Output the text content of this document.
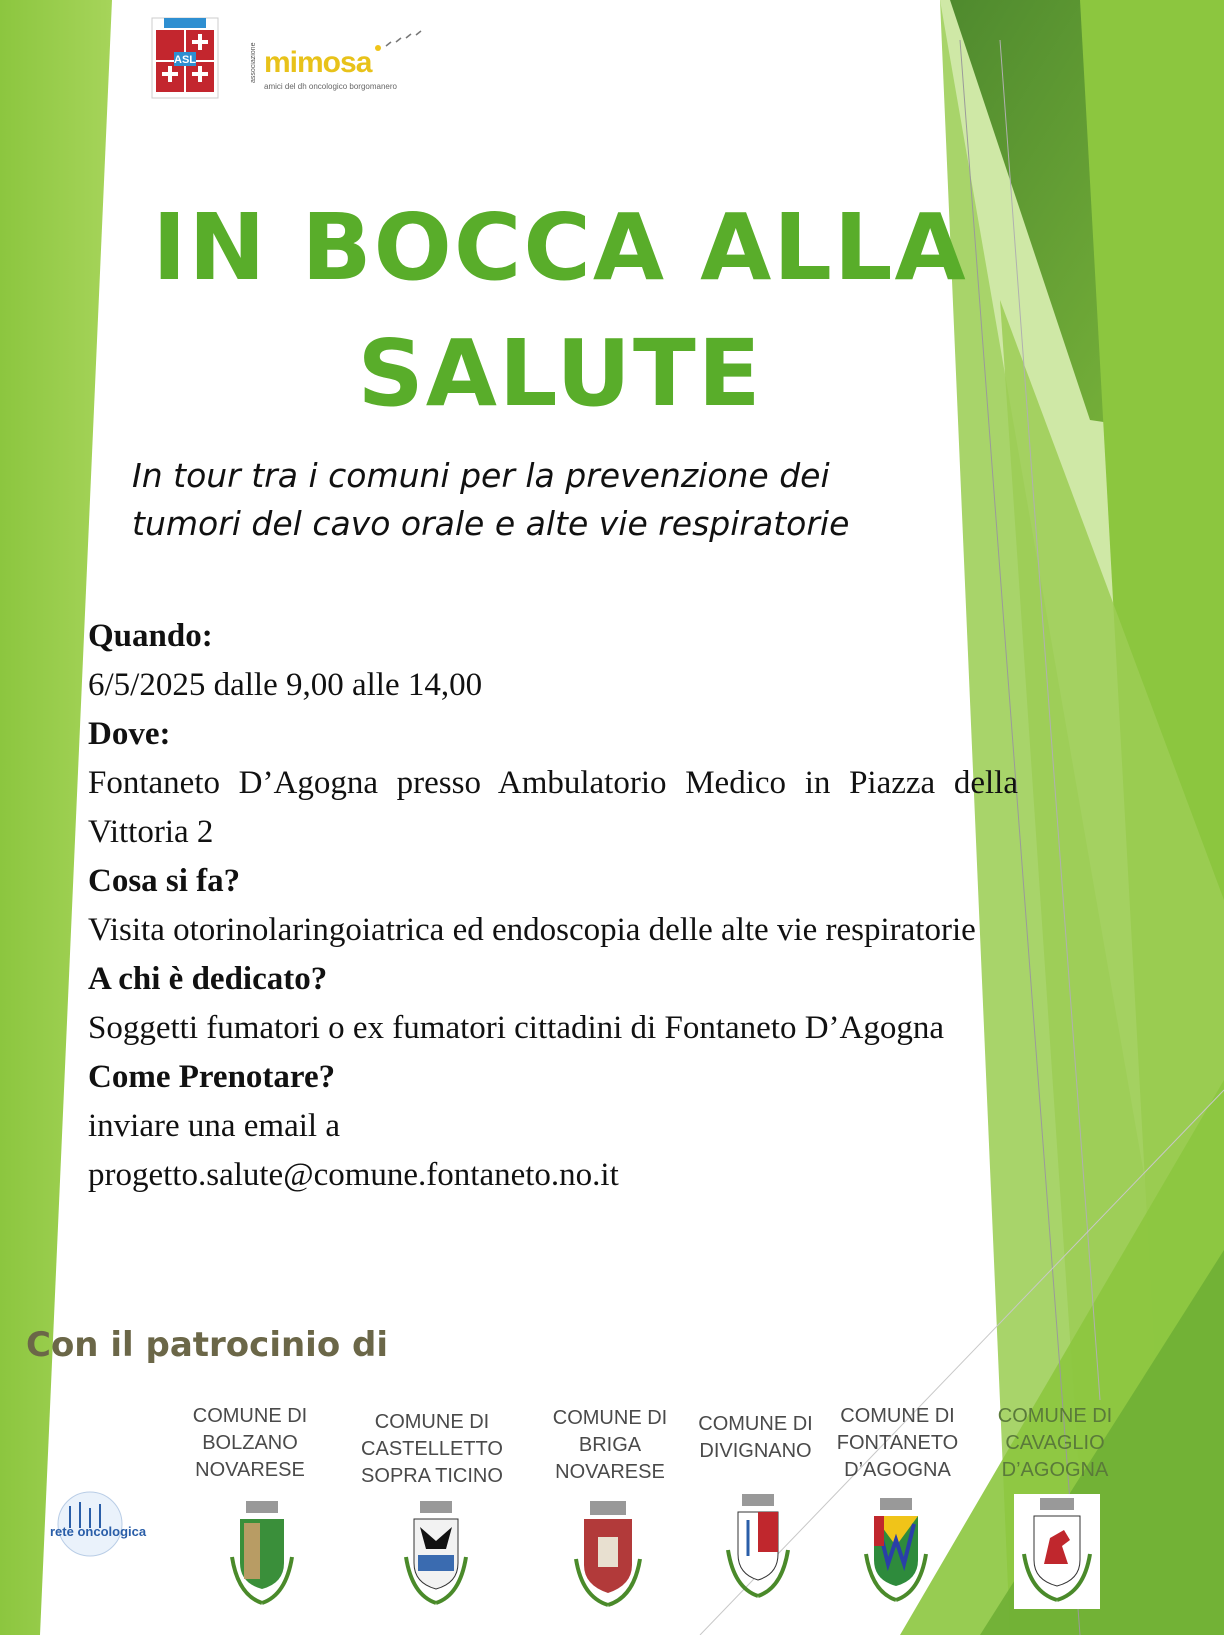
ASL	associazione mimosa
amici del dh oncologico borgomanero
IN BOCCA ALLA
SALUTE
In tour tra i comuni per la prevenzione dei
tumori del cavo orale e alte vie respiratorie
Quando:
6/5/2025 dalle 9,00 alle 14,00
Dove:
Fontaneto D’Agogna presso Ambulatorio Medico in Piazza della Vittoria 2
Cosa si fa?
Visita otorinolaringoiatrica ed endoscopia delle alte vie respiratorie
A chi è dedicato?
Soggetti fumatori o ex fumatori cittadini di Fontaneto D’Agogna
Come Prenotare?
inviare una email a
progetto.salute@comune.fontaneto.no.it
Con il patrocinio di
rete oncologica
COMUNE DI
BOLZANO
NOVARESE
COMUNE DI
CASTELLETTO
SOPRA TICINO
COMUNE DI
BRIGA
NOVARESE
COMUNE DI
DIVIGNANO
COMUNE DI
FONTANETO
D’AGOGNA
COMUNE DI
CAVAGLIO
D’AGOGNA
